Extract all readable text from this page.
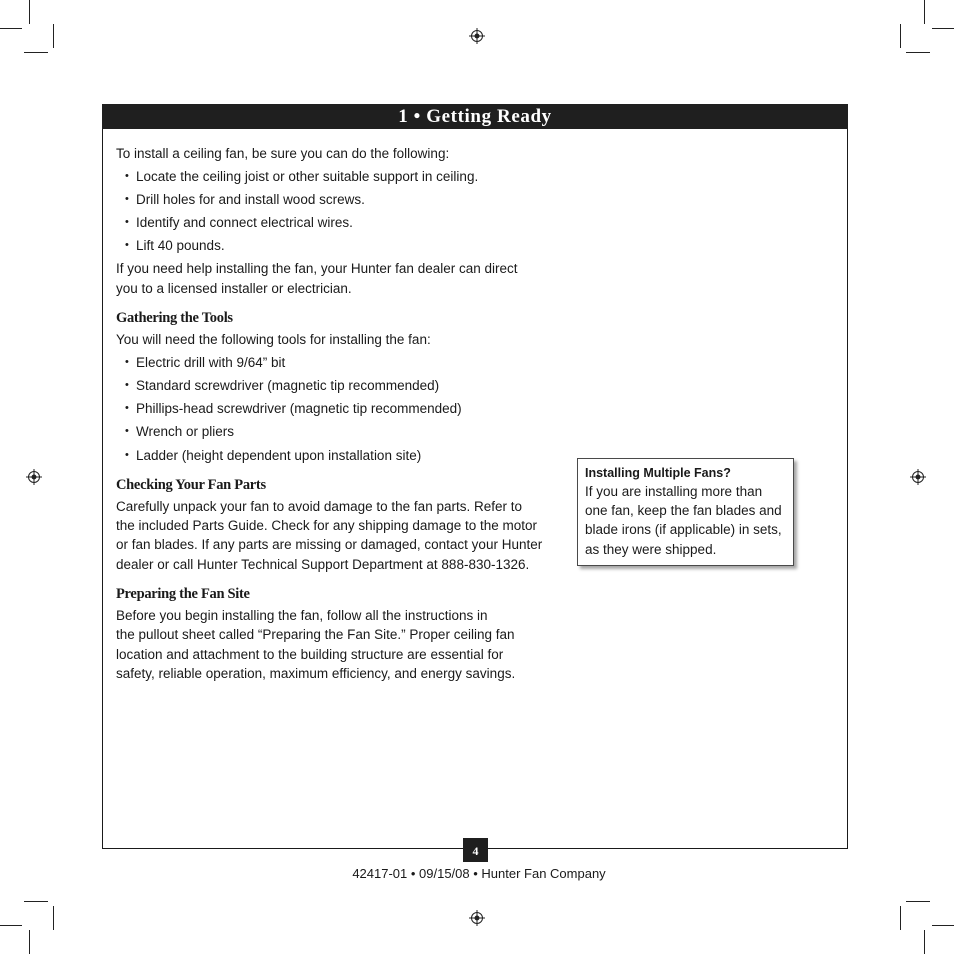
1 • Getting Ready

To install a ceiling fan, be sure you can do the following:

• Locate the ceiling joist or other suitable support in ceiling.
• Drill holes for and install wood screws.
• Identify and connect electrical wires.
• Lift 40 pounds.

If you need help installing the fan, your Hunter fan dealer can direct
you to a licensed installer or electrician.

Gathering the Tools

You will need the following tools for installing the fan:

• Electric drill with 9/64” bit
• Standard screwdriver (magnetic tip recommended)
• Phillips-head screwdriver (magnetic tip recommended)
• Wrench or pliers
• Ladder (height dependent upon installation site)
Checking Your Fan Parts

Carefully unpack your fan to avoid damage to the fan parts. Refer to
the included Parts Guide. Check for any shipping damage to the motor
or fan blades. If any parts are missing or damaged, contact your Hunter
dealer or call Hunter Technical Support Department at 888-830-1326.

Preparing the Fan Site

Before you begin installing the fan, follow all the instructions in
the pullout sheet called “Preparing the Fan Site.” Proper ceiling fan
location and attachment to the building structure are essential for
safety, reliable operation, maximum efficiency, and energy savings.

Installing Multiple Fans?
If you are installing more than
one fan, keep the fan blades and
blade irons (if applicable) in sets,
as they were shipped.
4
42417-01 • 09/15/08 • Hunter Fan Company
